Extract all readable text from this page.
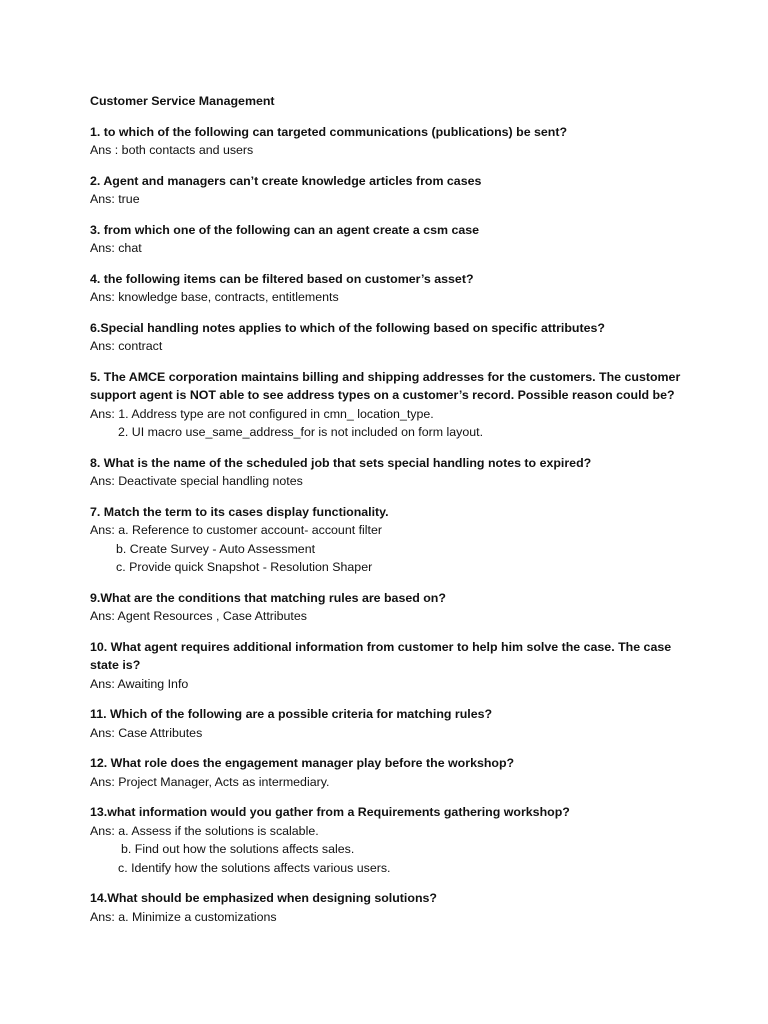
Customer Service Management

1. to which of the following can targeted communications (publications) be sent?

Ans : both contacts and users

2. Agent and managers can’t create knowledge articles from cases

Ans: true

3. from which one of the following can an agent create a csm case

Ans: chat

4. the following items can be filtered based on customer’s asset?

Ans: knowledge base, contracts, entitlements

6.Special handling notes applies to which of the following based on specific attributes?

Ans: contract

5. The AMCE corporation maintains billing and shipping addresses for the customers. The customer support agent is NOT able to see address types on a customer’s record. Possible reason could be?

Ans: 1. Address type are not configured in cmn_ location_type.

2. UI macro use_same_address_for is not included on form layout.

8. What is the name of the scheduled job that sets special handling notes to expired?

Ans: Deactivate special handling notes

7. Match the term to its cases display functionality.

Ans: a. Reference to customer account- account filter

b. Create Survey - Auto Assessment

c. Provide quick Snapshot - Resolution Shaper

9.What are the conditions that matching rules are based on?

Ans: Agent Resources , Case Attributes

10. What agent requires additional information from customer to help him solve the case. The case state is?

Ans: Awaiting Info

11. Which of the following are a possible criteria for matching rules?

Ans: Case Attributes

12. What role does the engagement manager play before the workshop?

Ans: Project Manager, Acts as intermediary.

13.what information would you gather from a Requirements gathering workshop?

Ans: a. Assess if the solutions is scalable.

b. Find out how the solutions affects sales.

c. Identify how the solutions affects various users.

14.What should be emphasized when designing solutions?

Ans: a. Minimize a customizations
